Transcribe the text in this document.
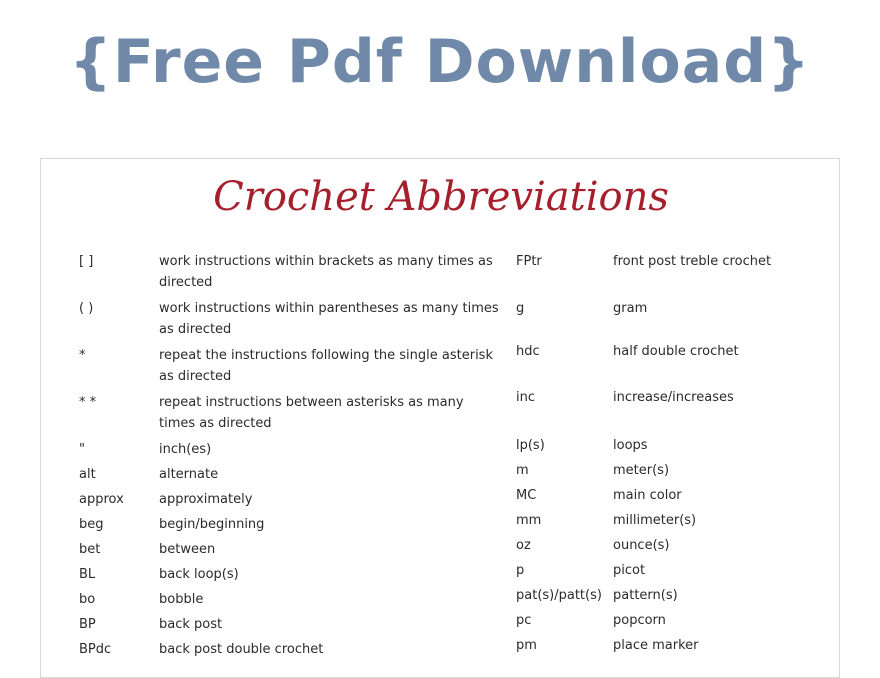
{Free Pdf Download}
Crochet Abbreviations
[ ]	work instructions within brackets as many times as directed
( )	work instructions within parentheses as many times as directed
*	repeat the instructions following the single asterisk as directed
* *	repeat instructions between asterisks as many times as directed
"	inch(es)
alt	alternate
approx	approximately
beg	begin/beginning
bet	between
BL	back loop(s)
bo	bobble
BP	back post
BPdc	back post double crochet
FPtr	front post treble crochet
g	gram
hdc	half double crochet
inc	increase/increases
lp(s)	loops
m	meter(s)
MC	main color
mm	millimeter(s)
oz	ounce(s)
p	picot
pat(s)/patt(s) pattern(s)
pc	popcorn
pm	place marker
